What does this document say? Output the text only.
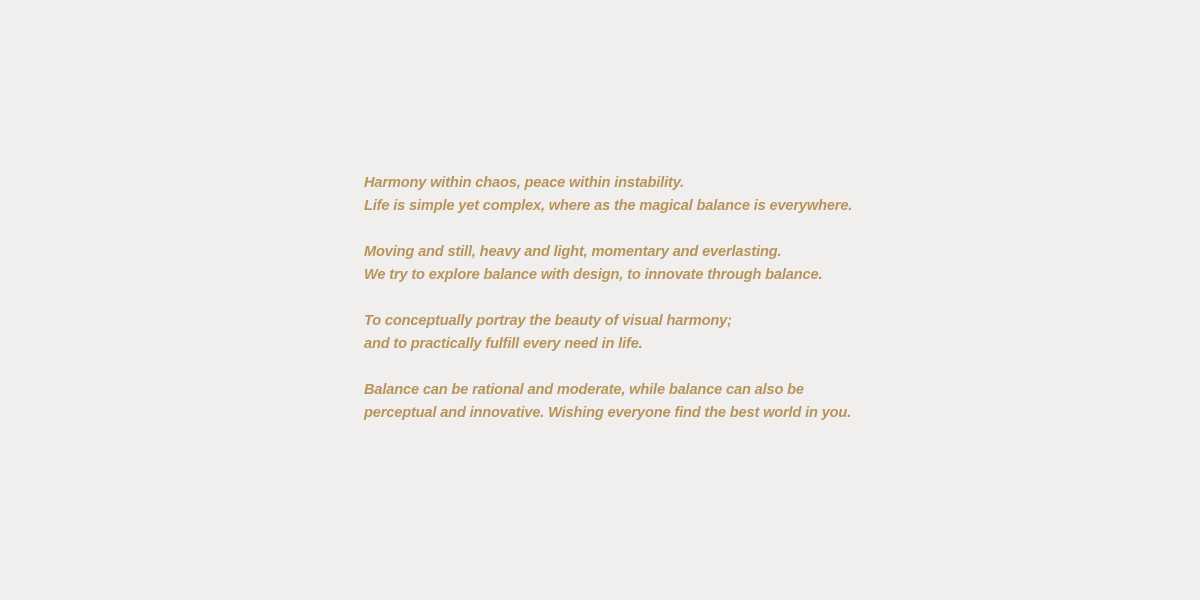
Harmony within chaos, peace within instability.
Life is simple yet complex, where as the magical balance is everywhere.

Moving and still, heavy and light, momentary and everlasting.
We try to explore balance with design, to innovate through balance.

To conceptually portray the beauty of visual harmony;
and to practically fulfill every need in life.

Balance can be rational and moderate, while balance can also be
perceptual and innovative. Wishing everyone find the best world in you.
